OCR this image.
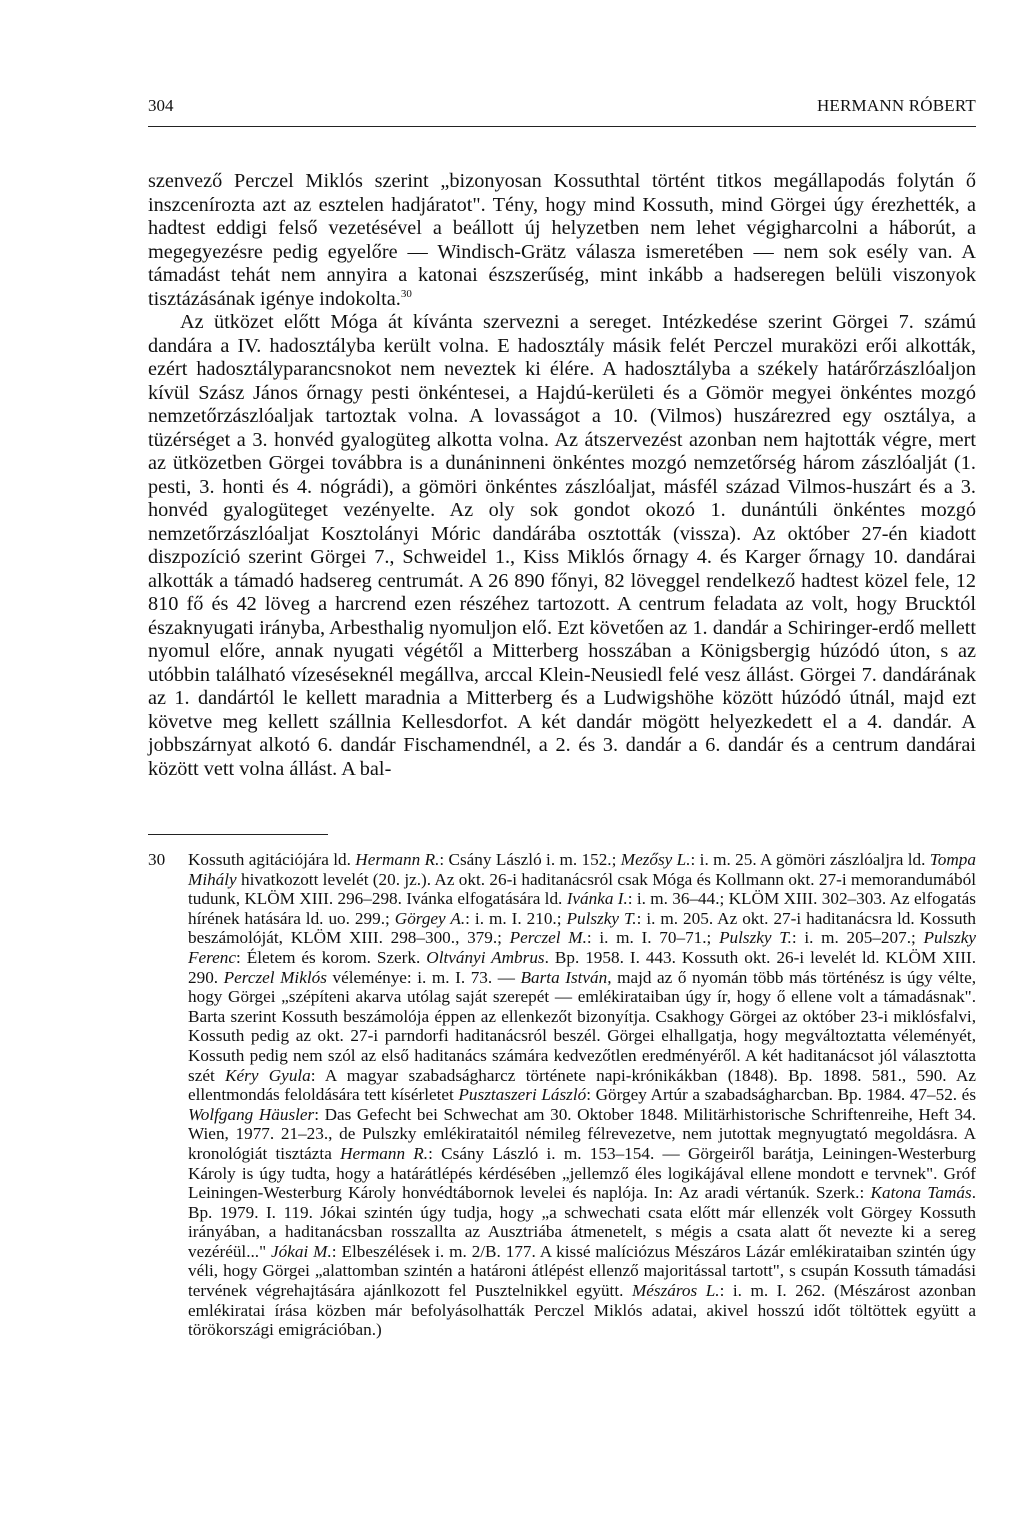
304	HERMANN RÓBERT

szenvező Perczel Miklós szerint „bizonyosan Kossuthtal történt titkos megállapodás folytán ő inszcenírozta azt az esztelen hadjáratot". Tény, hogy mind Kossuth, mind Görgei úgy érezhették, a hadtest eddigi felső vezetésével a beállott új helyzetben nem lehet végigharcolni a háborút, a megegyezésre pedig egyelőre — Windisch-Grätz válasza ismeretében — nem sok esély van. A támadást tehát nem annyira a katonai észszerűség, mint inkább a hadseregen belüli viszonyok tisztázásának igénye indokolta.$^{30}$

Az ütközet előtt Móga át kívánta szervezni a sereget. Intézkedése szerint Görgei 7. számú dandára a IV. hadosztályba került volna. E hadosztály másik felét Perczel muraközi erői alkották, ezért hadosztályparancsnokot nem neveztek ki élére. A hadosztályba a székely határőrzászlóaljon kívül Szász János őrnagy pesti önkéntesei, a Hajdú-kerületi és a Gömör megyei önkéntes mozgó nemzetőrzászlóaljak tartoztak volna. A lovasságot a 10. (Vilmos) huszárezred egy osztálya, a tüzérséget a 3. honvéd gyalogüteg alkotta volna. Az átszervezést azonban nem hajtották végre, mert az ütközetben Görgei továbbra is a dunáninneni önkéntes mozgó nemzetőrség három zászlóalját (1. pesti, 3. honti és 4. nógrádi), a gömöri önkéntes zászlóaljat, másfél század Vilmos-huszárt és a 3. honvéd gyalogüteget vezényelte. Az oly sok gondot okozó 1. dunántúli önkéntes mozgó nemzetőrzászlóaljat Kosztolányi Móric dandárába osztották (vissza). Az október 27-én kiadott diszpozíció szerint Görgei 7., Schweidel 1., Kiss Miklós őrnagy 4. és Karger őrnagy 10. dandárai alkották a támadó hadsereg centrumát. A 26 890 főnyi, 82 löveggel rendelkező hadtest közel fele, 12 810 fő és 42 löveg a harcrend ezen részéhez tartozott. A centrum feladata az volt, hogy Brucktól északnyugati irányba, Arbesthalig nyomuljon elő. Ezt követően az 1. dandár a Schiringer-erdő mellett nyomul előre, annak nyugati végétől a Mitterberg hosszában a Königsbergig húzódó úton, s az utóbbin található vízeséseknél megállva, arccal Klein-Neusiedl felé vesz állást. Görgei 7. dandárának az 1. dandártól le kellett maradnia a Mitterberg és a Ludwigshöhe között húzódó útnál, majd ezt követve meg kellett szállnia Kellesdorfot. A két dandár mögött helyezkedett el a 4. dandár. A jobbszárnyat alkotó 6. dandár Fischamendnél, a 2. és 3. dandár a 6. dandár és a centrum dandárai között vett volna állást. A bal-

30 Kossuth agitációjára ld. Hermann R.: Csány László i. m. 152.; Mezősy L.: i. m. 25. A gömöri zászlóaljra ld. Tompa Mihály hivatkozott levelét (20. jz.). Az okt. 26-i haditanácsról csak Móga és Kollmann okt. 27-i memorandumából tudunk, KLÖM XIII. 296–298. Ivánka elfogatására ld. Ivánka I.: i. m. 36–44.; KLÖM XIII. 302–303. Az elfogatás hírének hatására ld. uo. 299.; Görgey A.: i. m. I. 210.; Pulszky T.: i. m. 205. Az okt. 27-i haditanácsra ld. Kossuth beszámolóját, KLÖM XIII. 298–300., 379.; Perczel M.: i. m. I. 70–71.; Pulszky T.: i. m. 205–207.; Pulszky Ferenc: Életem és korom. Szerk. Oltványi Ambrus. Bp. 1958. I. 443. Kossuth okt. 26-i levelét ld. KLÖM XIII. 290. Perczel Miklós véleménye: i. m. I. 73. — Barta István, majd az ő nyomán több más történész is úgy vélte, hogy Görgei „szépíteni akarva utólag saját szerepét — emlékirataiban úgy ír, hogy ő ellene volt a támadásnak". Barta szerint Kossuth beszámolója éppen az ellenkezőt bizonyítja. Csakhogy Görgei az október 23-i miklósfalvi, Kossuth pedig az okt. 27-i parndorfi haditanácsról beszél. Görgei elhallgatja, hogy megváltoztatta véleményét, Kossuth pedig nem szól az első haditanács számára kedvezőtlen eredményéről. A két haditanácsot jól választotta szét Kéry Gyula: A magyar szabadságharcz története napi-krónikákban (1848). Bp. 1898. 581., 590. Az ellentmondás feloldására tett kísérletet Pusztaszeri László: Görgey Artúr a szabadságharcban. Bp. 1984. 47–52. és Wolfgang Häusler: Das Gefecht bei Schwechat am 30. Oktober 1848. Militärhistorische Schriftenreihe, Heft 34. Wien, 1977. 21–23., de Pulszky emlékirataitól némileg félrevezetve, nem jutottak megnyugtató megoldásra. A kronológiát tisztázta Hermann R.: Csány László i. m. 153–154. — Görgeiről barátja, Leiningen-Westerburg Károly is úgy tudta, hogy a határátlépés kérdésében „jellemző éles logikájával ellene mondott e tervnek". Gróf Leiningen-Westerburg Károly honvédtábornok levelei és naplója. In: Az aradi vértanúk. Szerk.: Katona Tamás. Bp. 1979. I. 119. Jókai szintén úgy tudja, hogy „a schwechati csata előtt már ellenzék volt Görgey Kossuth irányában, a haditanácsban rosszallta az Ausztriába átmenetelt, s mégis a csata alatt őt nevezte ki a sereg vezéréül..." Jókai M.: Elbeszélések i. m. 2/B. 177. A kissé malíciózus Mészáros Lázár emlékirataiban szintén úgy véli, hogy Görgei „alattomban szintén a határoni átlépést ellenző majoritással tartott", s csupán Kossuth támadási tervének végrehajtására ajánlkozott fel Pusztelnikkel együtt. Mészáros L.: i. m. I. 262. (Mészárost azonban emlékiratai írása közben már befolyásolhatták Perczel Miklós adatai, akivel hosszú időt töltöttek együtt a törökországi emigrációban.)
